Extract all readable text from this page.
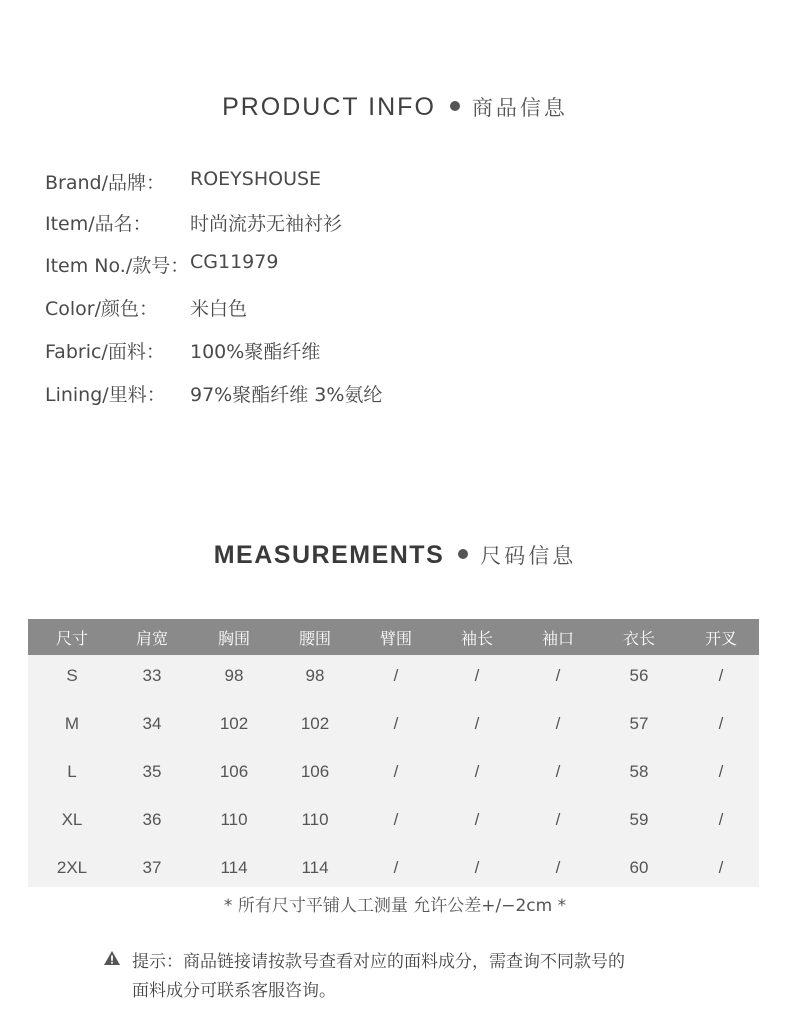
PRODUCT INFO 商品信息
Brand/品牌： ROEYSHOUSE
Item/品名： 时尚流苏无袖衬衫
Item No./款号： CG11979
Color/颜色： 米白色
Fabric/面料： 100%聚酯纤维
Lining/里料： 97%聚酯纤维 3%氨纶
MEASUREMENTS 尺码信息
尺寸	肩宽	胸围	腰围	臂围	袖长	袖口	衣长	开叉
S	33	98	98	/	/	/	56	/
M	34	102	102	/	/	/	57	/
L	35	106	106	/	/	/	58	/
XL	36	110	110	/	/	/	59	/
2XL	37	114	114	/	/	/	60	/
* 所有尺寸平铺人工测量 允许公差+/−2cm *
提示：商品链接请按款号查看对应的面料成分，需查询不同款号的
面料成分可联系客服咨询。
